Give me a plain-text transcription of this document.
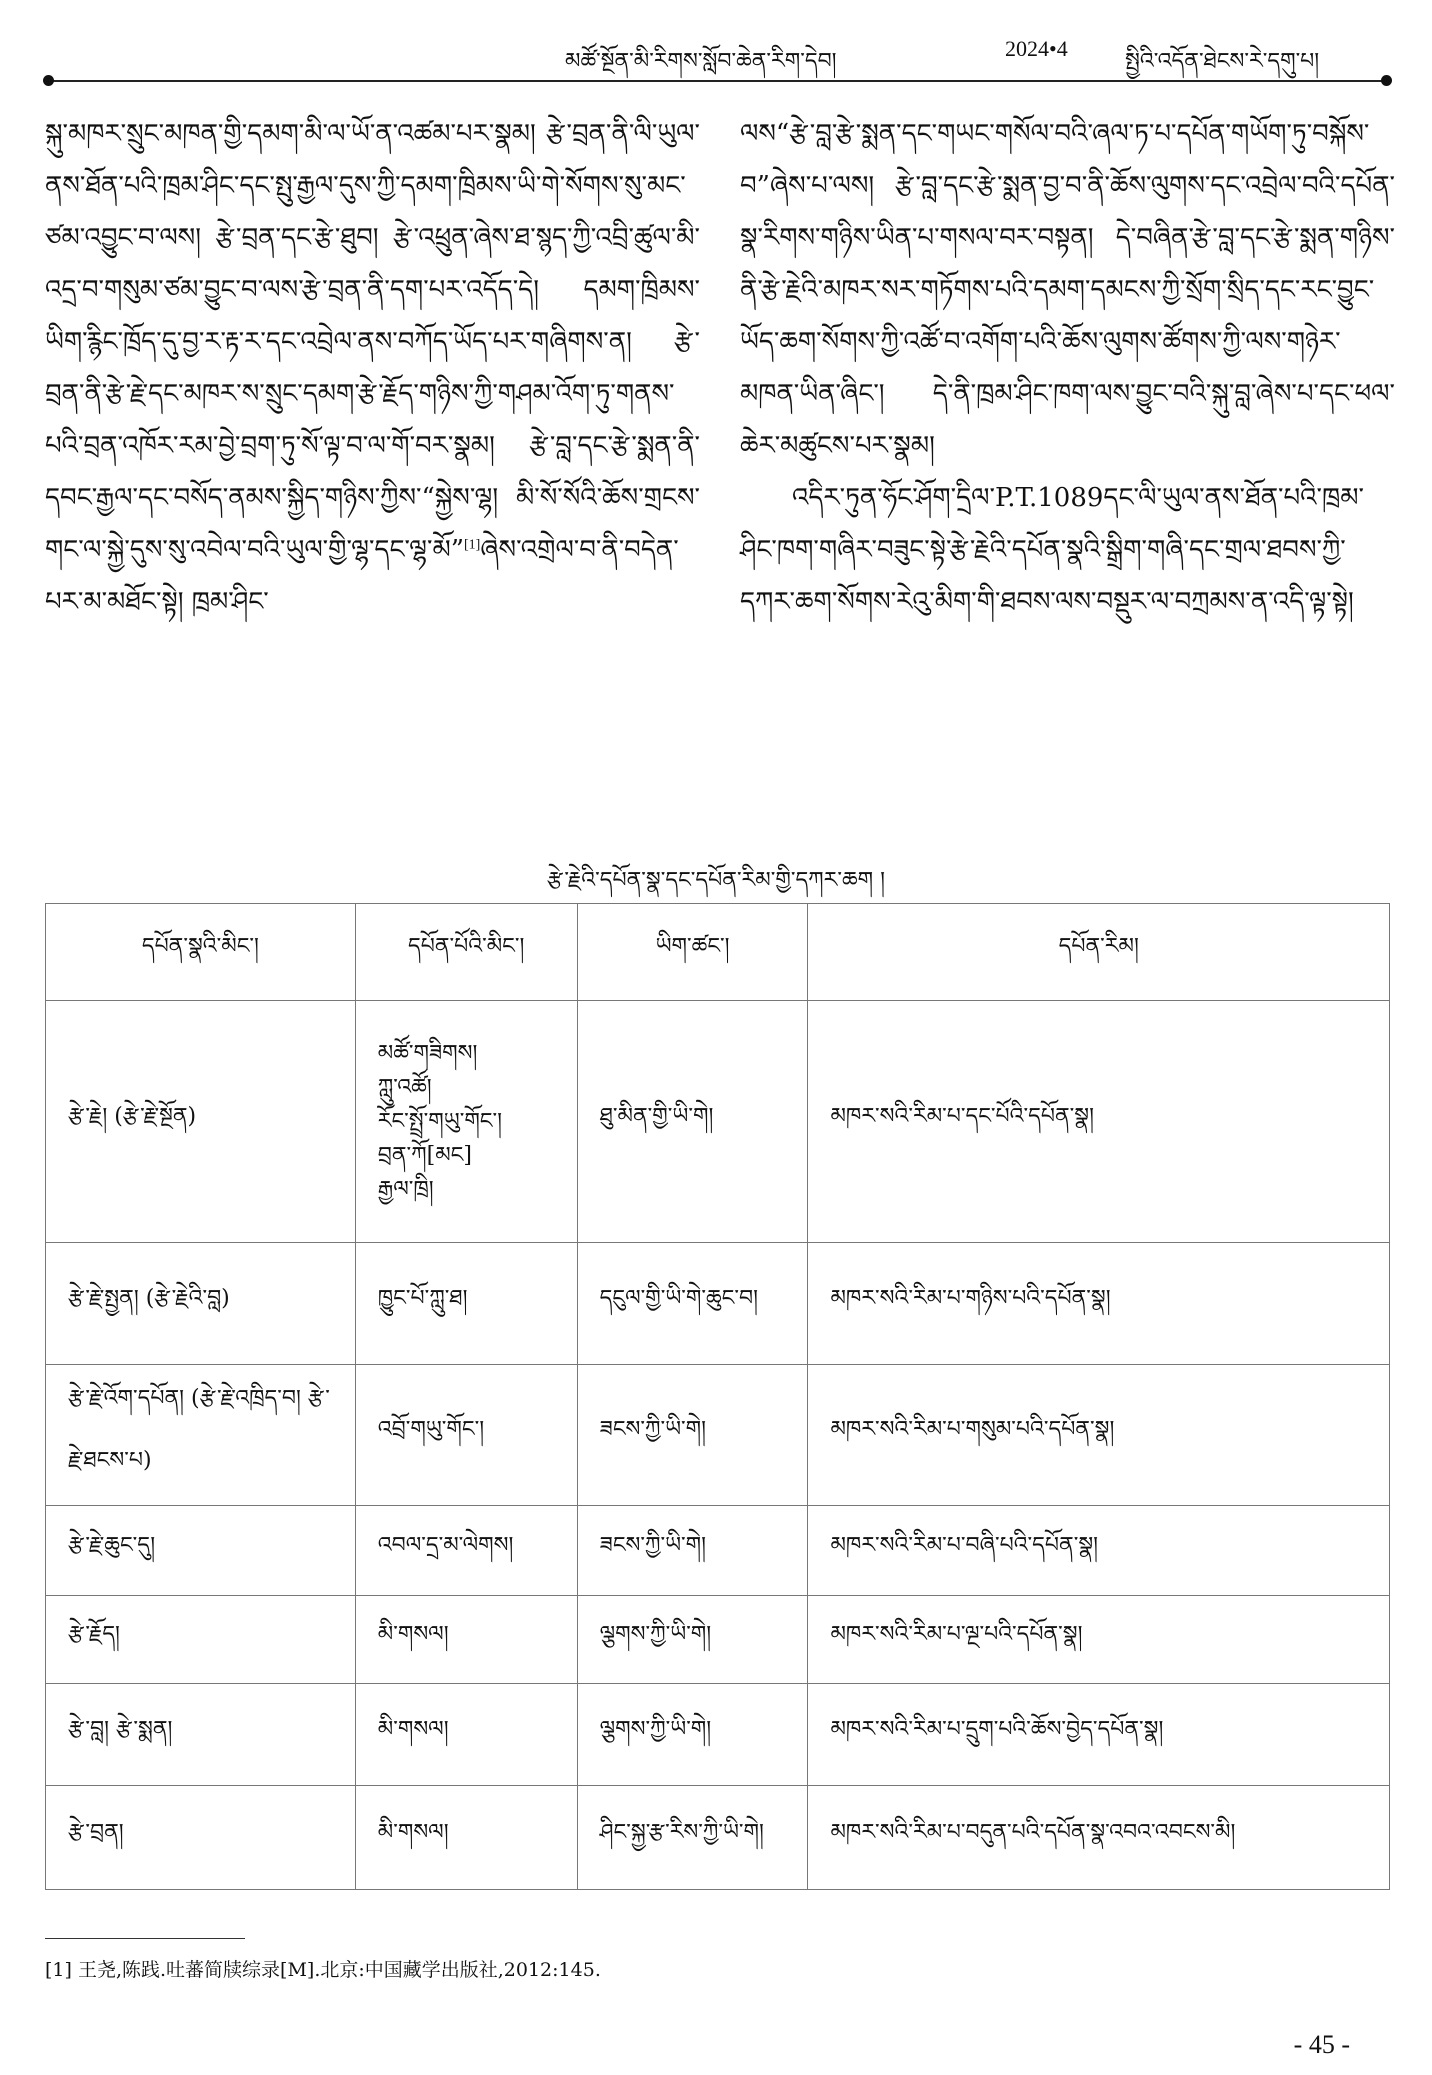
མཚོ་སྔོན་མི་རིགས་སློབ་ཆེན་རིག་དེབ།
2024•4
སྤྱིའི་འདོན་ཐེངས་རེ་དགུ་པ།

སྐུ་མཁར་སྲུང་མཁན་གྱི་དམག་མི་ལ་ཡོ་ན་འཚམ་པར་སྣམ། རྩེ་བྲན་ནི་ལི་ཡུལ་ནས་ཐོན་པའི་ཁྲམ་ཤིང་དང་སྤུ་རྒྱལ་དུས་ཀྱི་དམག་ཁྲིམས་ཡི་གེ་སོགས་སུ་མང་ཙམ་འབྱུང་བ་ལས། རྩེ་བྲན་དང་རྩེ་ཐུབ། རྩེ་འཕྲུན་ཞེས་ཐ་སྙད་ཀྱི་འབྲི་ཚུལ་མི་འདྲ་བ་གསུམ་ཙམ་བྱུང་བ་ལས་རྩེ་བྲན་ནི་དག་པར་འདོད་དེ། དམག་ཁྲིམས་ཡིག་རྙིང་ཁྲོད་དུ་བྱ་ར་རྟ་ར་དང་འབྲེལ་ནས་བཀོད་ཡོད་པར་གཞིགས་ན། རྩེ་བྲན་ནི་རྩེ་རྗེ་དང་མཁར་ས་སྲུང་དམག་རྩེ་རྗོད་གཉིས་ཀྱི་གཤམ་འོག་ཏུ་གནས་པའི་བྲན་འཁོར་རམ་བྱེ་བྲག་ཏུ་སོ་ལྟ་བ་ལ་གོ་བར་སྣམ། རྩེ་བླ་དང་རྩེ་སྨན་ནི་དབང་རྒྱལ་དང་བསོད་ནམས་སྐྱིད་གཉིས་ཀྱིས་“སྐྱེས་ལྷ། མི་སོ་སོའི་ཆོས་གྲངས་གང་ལ་སྐྱེ་དུས་སུ་འབེལ་བའི་ཡུལ་གྱི་ལྷ་དང་ལྷ་མོ”[1]ཞེས་འགྲེལ་བ་ནི་བདེན་པར་མ་མཐོང་སྟེ། ཁྲམ་ཤིང་

ལས“རྩེ་བླ་རྩེ་སྨན་དང་གཡང་གསོལ་བའི་ཞལ་ཏ་པ་དཔོན་གཡོག་ཏུ་བསྐོས་བ”ཞེས་པ་ལས། རྩེ་བླ་དང་རྩེ་སྨན་བྱ་བ་ནི་ཆོས་ལུགས་དང་འབྲེལ་བའི་དཔོན་སྣ་རིགས་གཉིས་ཡིན་པ་གསལ་བར་བསྟན། དེ་བཞིན་རྩེ་བླ་དང་རྩེ་སྨན་གཉིས་ནི་རྩེ་རྗེའི་མཁར་སར་གཏོགས་པའི་དམག་དམངས་ཀྱི་སྲོག་སྲིད་དང་རང་བྱུང་ཡོད་ཆག་སོགས་ཀྱི་འཚོ་བ་འགོག་པའི་ཆོས་ལུགས་ཚོགས་ཀྱི་ལས་གཉེར་མཁན་ཡིན་ཞིང་། དེ་ནི་ཁྲམ་ཤིང་ཁག་ལས་བྱུང་བའི་སྐུ་བླ་ཞེས་པ་དང་ཕལ་ཆེར་མཚུངས་པར་སྣམ།

འདིར་ཏུན་ཧོང་ཤོག་དྲིལ་P.T.1089དང་ལི་ཡུལ་ནས་ཐོན་པའི་ཁྲམ་ཤིང་ཁག་གཞིར་བཟུང་སྟེ་རྩེ་རྗེའི་དཔོན་སྣའི་སྒྲིག་གཞི་དང་གྲལ་ཐབས་ཀྱི་དཀར་ཆག་སོགས་རེའུ་མིག་གི་ཐབས་ལས་བསྡུར་ལ་བཀྲམས་ན་འདི་ལྟ་སྟེ།

རྩེ་རྗེའི་དཔོན་སྣ་དང་དཔོན་རིམ་གྱི་དཀར་ཆག །
དཔོན་སྣའི་མིང་།	དཔོན་པོའི་མིང་།	ཡིག་ཚང་།	དཔོན་རིམ།
རྩེ་རྗེ། (རྩེ་རྗེ་སྔོན)	མཚོ་གཟིགས།
ཀླུ་འཚོ།
རོང་སྤྲོ་གཡུ་གོང་།
བྲན་ཀོ[མང]
རྒྱལ་ཁྲི།	ཐུ་མིན་གྱི་ཡི་གེ།	མཁར་སའི་རིམ་པ་དང་པོའི་དཔོན་སྣ།
རྩེ་རྗེ་སྤྱན། (རྩེ་རྗེའི་བླ)	ཁྱུང་པོ་ཀླུ་ཐ།	དངུལ་གྱི་ཡི་གེ་ཆུང་བ།	མཁར་སའི་རིམ་པ་གཉིས་པའི་དཔོན་སྣ།
རྩེ་རྗེ་འོག་དཔོན། (རྩེ་རྗེ་འཁྲིད་བ། རྩེ་རྗེ་ཐངས་པ)	འབྲོ་གཡུ་གོང་།	ཟངས་ཀྱི་ཡི་གེ།	མཁར་སའི་རིམ་པ་གསུམ་པའི་དཔོན་སྣ།
རྩེ་རྗེ་ཆུང་དུ།	འབལ་དྲ་མ་ལེགས།	ཟངས་ཀྱི་ཡི་གེ།	མཁར་སའི་རིམ་པ་བཞི་པའི་དཔོན་སྣ།
རྩེ་རྗོད།	མི་གསལ།	ལྕགས་ཀྱི་ཡི་གེ།	མཁར་སའི་རིམ་པ་ལྔ་པའི་དཔོན་སྣ།
རྩེ་བླ། རྩེ་སྨན།	མི་གསལ།	ལྕགས་ཀྱི་ཡི་གེ།	མཁར་སའི་རིམ་པ་དྲུག་པའི་ཆོས་བྱེད་དཔོན་སྣ།
རྩེ་བྲན།	མི་གསལ།	ཤིང་སྐྱ་རྩ་རིས་ཀྱི་ཡི་གེ།	མཁར་སའི་རིམ་པ་བདུན་པའི་དཔོན་སྣ་འབའ་འབངས་མི།
[1] 王尧,陈践.吐蕃简牍综录[M].北京:中国藏学出版社,2012:145.
- 45 -
